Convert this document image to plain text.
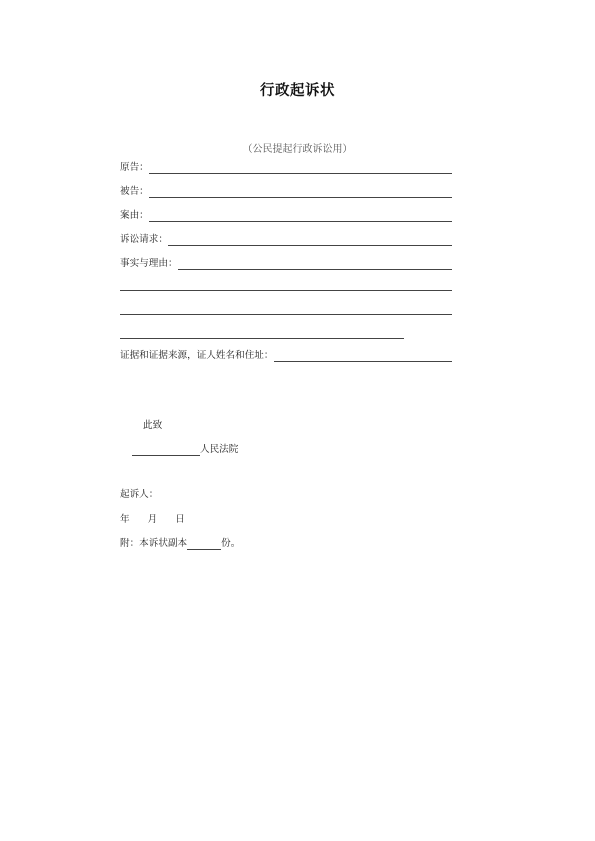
行政起诉状
（公民提起行政诉讼用）
原告：
被告：
案由：
诉讼请求：
事实与理由：
证据和证据来源，证人姓名和住址：
此致
人民法院
起诉人：
年 月 日
附：本诉状副本	份。
